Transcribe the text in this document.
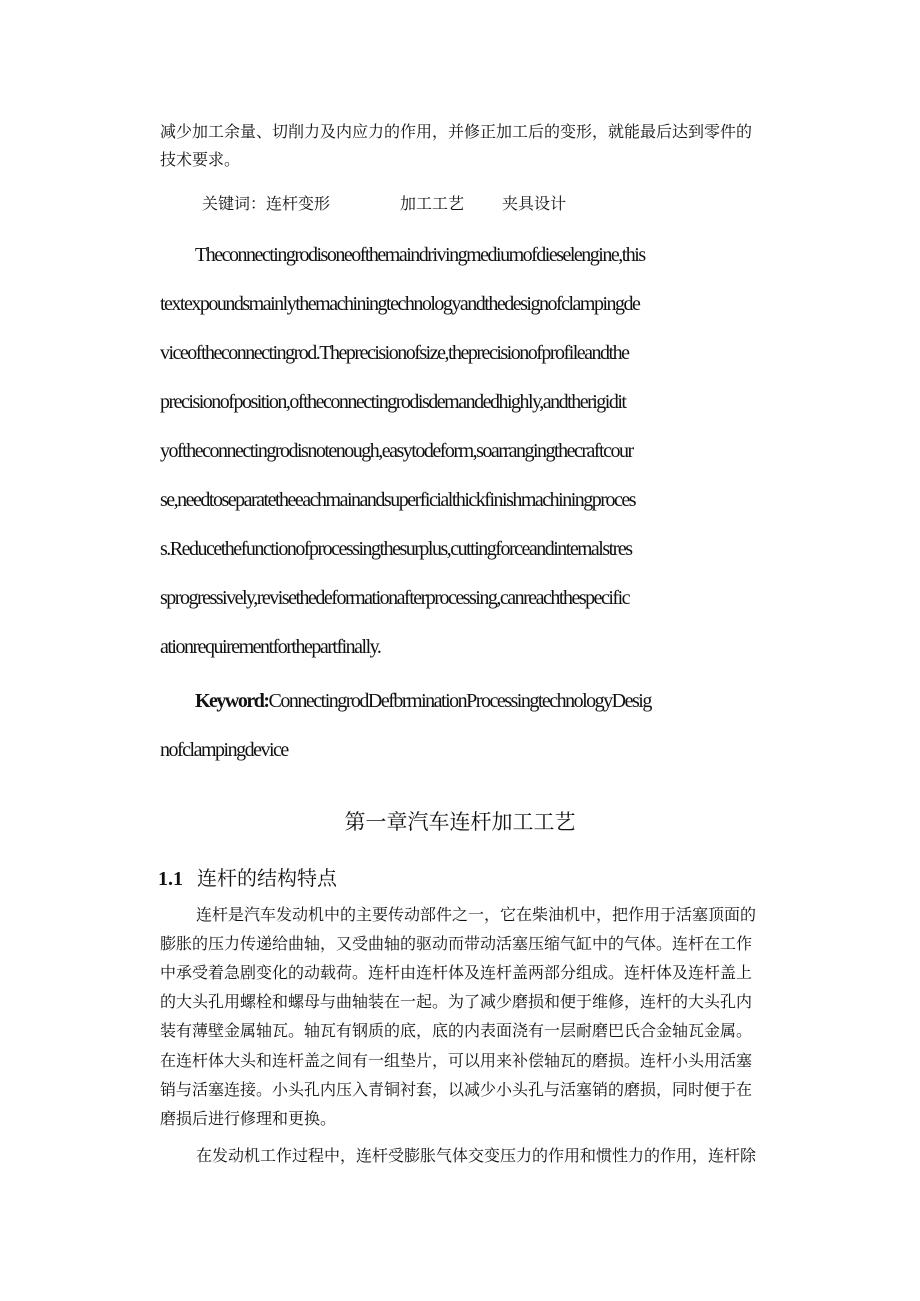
减少加工余量、切削力及内应力的作用，并修正加工后的变形，就能最后达到零件的
技术要求。
关键词：连杆变形	加工工艺 夹具设计
Theconnectingrodisoneofthemaindrivingmediumofdieselengine,this
textexpoundsmainlythemachiningtechnologyandthedesignofclampingde
viceoftheconnectingrod.Theprecisionofsize,theprecisionofprofileandthe
precisionofposition,oftheconnectingrodisdemandedhighly,andtherigidit
yoftheconnectingrodisnotenough,easytodeform,soarrangingthecraftcour
se,needtoseparatetheeachmainandsuperficialthickfinishmachiningproces
s.Reducethefunctionofprocessingthesurplus,cuttingforceandinternalstres
sprogressively,revisethedeformationafterprocessing,canreachthespecific
ationrequirementforthepartfinally.
Keyword:ConnectingrodDefbrminationProcessingtechnologyDesig
nofclampingdevice
第一章汽车连杆加工工艺
1.1 连杆的结构特点
连杆是汽车发动机中的主要传动部件之一，它在柴油机中，把作用于活塞顶面的
膨胀的压力传递给曲轴，又受曲轴的驱动而带动活塞压缩气缸中的气体。连杆在工作
中承受着急剧变化的动载荷。连杆由连杆体及连杆盖两部分组成。连杆体及连杆盖上
的大头孔用螺栓和螺母与曲轴装在一起。为了减少磨损和便于维修，连杆的大头孔内
装有薄壁金属轴瓦。轴瓦有钢质的底，底的内表面浇有一层耐磨巴氏合金轴瓦金属。
在连杆体大头和连杆盖之间有一组垫片，可以用来补偿轴瓦的磨损。连杆小头用活塞
销与活塞连接。小头孔内压入青铜衬套，以减少小头孔与活塞销的磨损，同时便于在
磨损后进行修理和更换。
在发动机工作过程中，连杆受膨胀气体交变压力的作用和惯性力的作用，连杆除
